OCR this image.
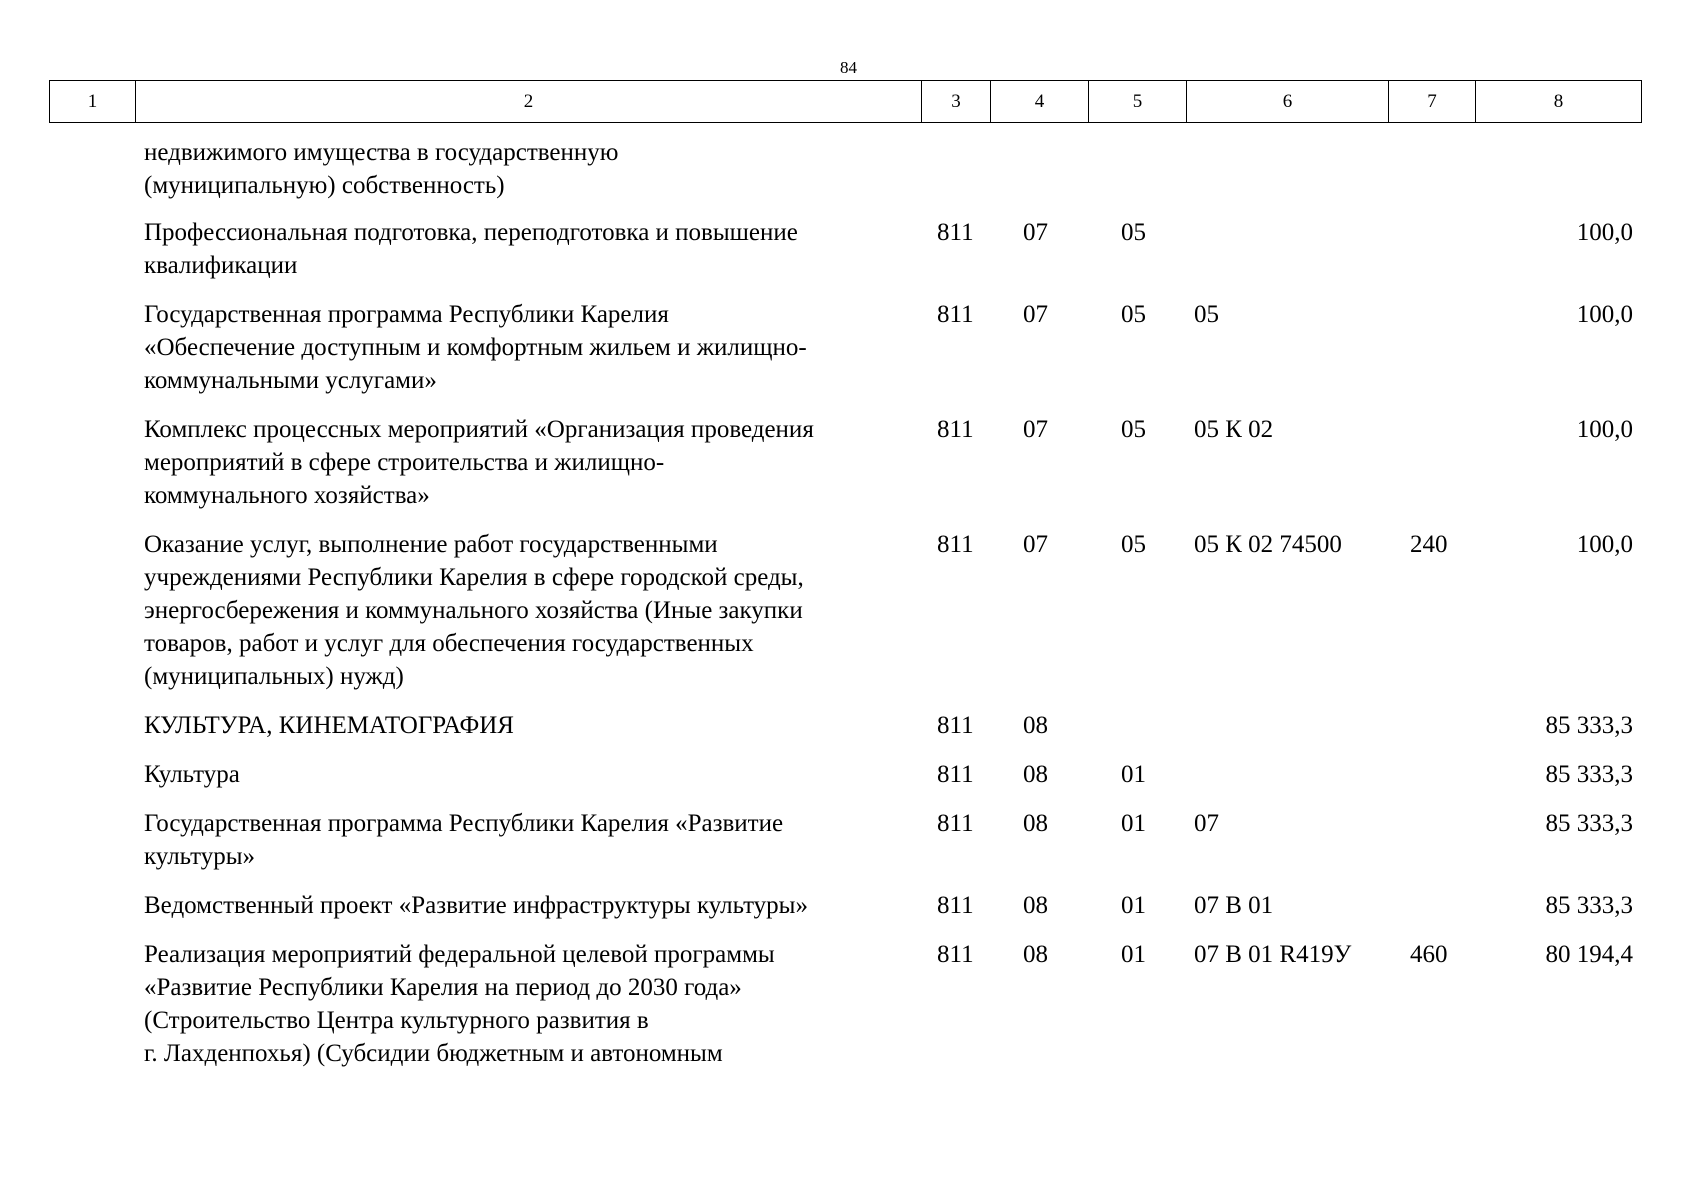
84
1	2	3	4	5	6	7	8
недвижимого имущества в государственную
(муниципальную) собственность)						
Профессиональная подготовка, переподготовка и повышение
квалификации	811	07	05			100,0
Государственная программа Республики Карелия
«Обеспечение доступным и комфортным жильем и жилищно-
коммунальными услугами»	811	07	05	05		100,0
Комплекс процессных мероприятий «Организация проведения
мероприятий в сфере строительства и жилищно-
коммунального хозяйства»	811	07	05	05 К 02		100,0
Оказание услуг, выполнение работ государственными
учреждениями Республики Карелия в сфере городской среды,
энергосбережения и коммунального хозяйства (Иные закупки
товаров, работ и услуг для обеспечения государственных
(муниципальных) нужд)	811	07	05	05 К 02 74500	240	100,0
КУЛЬТУРА, КИНЕМАТОГРАФИЯ	811	08				85 333,3
Культура	811	08	01			85 333,3
Государственная программа Республики Карелия «Развитие
культуры»	811	08	01	07		85 333,3
Ведомственный проект «Развитие инфраструктуры культуры»	811	08	01	07 В 01		85 333,3
Реализация мероприятий федеральной целевой программы
«Развитие Республики Карелия на период до 2030 года»
(Строительство Центра культурного развития в
г. Лахденпохья) (Субсидии бюджетным и автономным	811	08	01	07 В 01 R419У	460	80 194,4
